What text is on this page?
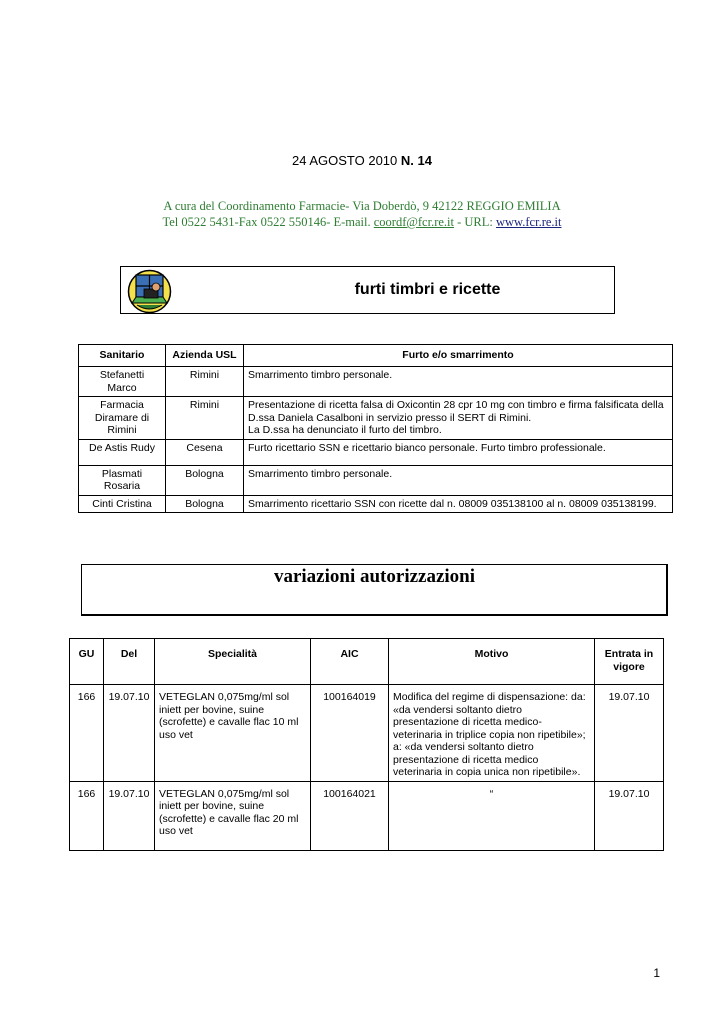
24 AGOSTO 2010 N. 14
A cura del Coordinamento Farmacie- Via Doberdò, 9 42122 REGGIO EMILIA
Tel 0522 5431-Fax 0522 550146- E-mail. coordf@fcr.re.it - URL: www.fcr.re.it
furti timbri e ricette
Sanitario	Azienda USL	Furto e/o smarrimento
Stefanetti
Marco	Rimini	Smarrimento timbro personale.
Farmacia
Diramare di
Rimini	Rimini	Presentazione di ricetta falsa di Oxicontin 28 cpr 10 mg con timbro e firma falsificata della D.ssa Daniela Casalboni in servizio presso il SERT di Rimini.
La D.ssa ha denunciato il furto del timbro.
De Astis Rudy	Cesena	Furto ricettario SSN e ricettario bianco personale. Furto timbro professionale.
Plasmati
Rosaria	Bologna	Smarrimento timbro personale.
Cinti Cristina	Bologna	Smarrimento ricettario SSN con ricette dal n. 08009 035138100 al n. 08009 035138199.
variazioni autorizzazioni
GU	Del	Specialità	AIC	Motivo	Entrata in
vigore
166	19.07.10	VETEGLAN 0,075mg/ml sol iniett per bovine, suine (scrofette) e cavalle flac 10 ml uso vet	100164019	Modifica del regime di dispensazione: da: «da vendersi soltanto dietro presentazione di ricetta medico-veterinaria in triplice copia non ripetibile»; a: «da vendersi soltanto dietro presentazione di ricetta medico veterinaria in copia unica non ripetibile».	19.07.10
166	19.07.10	VETEGLAN 0,075mg/ml sol iniett per bovine, suine (scrofette) e cavalle flac 20 ml uso vet	100164021	“	19.07.10
1
